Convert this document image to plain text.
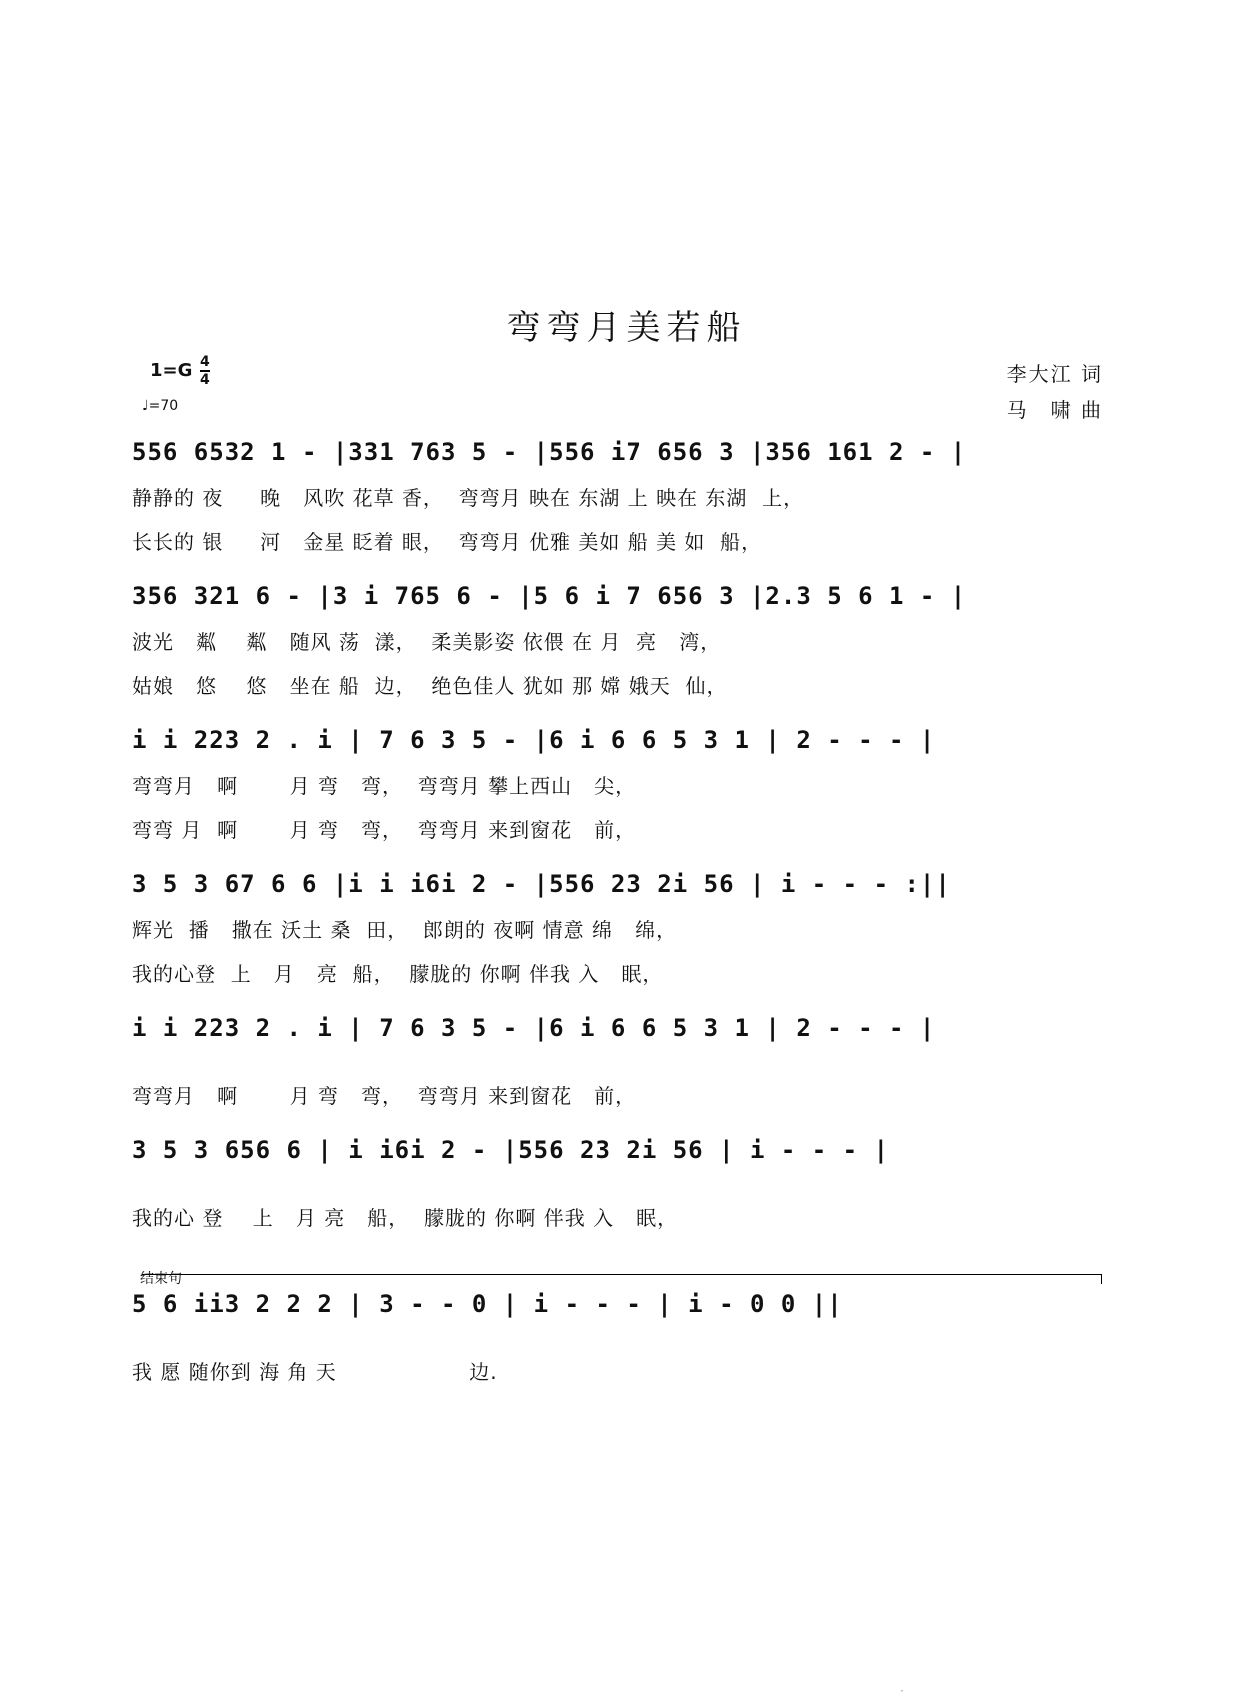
弯弯月美若船
1=G 4
4
♩=70
李大江 词
马　啸 曲
556 6532 1 - |331 763 5 - |556 i7 656 3 |356 161 2 - |
静静的 夜     晚   风吹 花草 香，  弯弯月 映在 东湖 上 映在 东湖  上，
长长的 银     河   金星 眨着 眼，  弯弯月 优雅 美如 船 美 如  船，
356 321 6 - |3 i 765 6 - |5 6 i 7 656 3 |2.3 5 6 1 - |
波光   粼    粼   随风 荡  漾，  柔美影姿 依偎 在 月  亮   湾，
姑娘   悠    悠   坐在 船  边，  绝色佳人 犹如 那 嫦 娥天  仙，
i i 223 2 . i | 7 6 3 5 - |6 i 6 6 5 3 1 | 2 - - - |
弯弯月   啊       月 弯   弯，  弯弯月 攀上西山   尖，
弯弯 月  啊       月 弯   弯，  弯弯月 来到窗花   前，
3 5 3 67 6 6 |i i i6i 2 - |556 23 2i 56 | i - - - :||
辉光  播   撒在 沃土 桑  田，  郎朗的 夜啊 情意 绵   绵，
我的心登  上   月   亮  船，  朦胧的 你啊 伴我 入   眠，
i i 223 2 . i | 7 6 3 5 - |6 i 6 6 5 3 1 | 2 - - - |
弯弯月   啊       月 弯   弯，  弯弯月 来到窗花   前，
3 5 3 656 6 | i i6i 2 - |556 23 2i 56 | i - - - |
我的心 登    上   月 亮   船，  朦胧的 你啊 伴我 入   眠，
结束句
5 6 ii3 2 2 2 | 3 - - 0 | i - - - | i - 0 0 ||
我 愿 随你到 海 角 天                  边.
·
